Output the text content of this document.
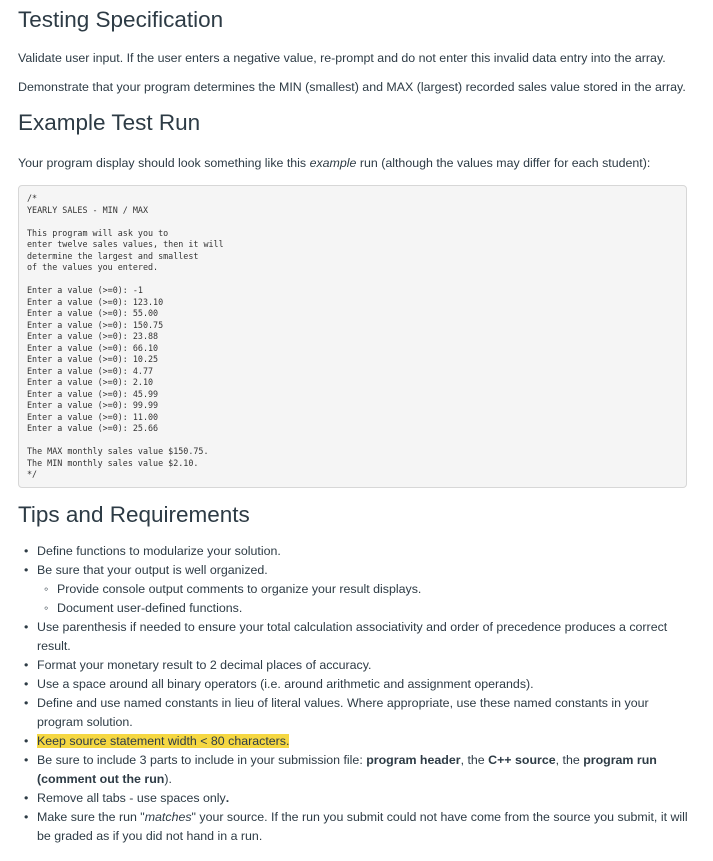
Testing Specification

Validate user input. If the user enters a negative value, re-prompt and do not enter this invalid data entry into the array.

Demonstrate that your program determines the MIN (smallest) and MAX (largest) recorded sales value stored in the array.

Example Test Run

Your program display should look something like this example run (although the values may differ for each student):

/*
YEARLY SALES - MIN / MAX
This program will ask you to
enter twelve sales values, then it will
determine the largest and smallest
of the values you entered.
Enter a value (>=0): -1
Enter a value (>=0): 123.10
Enter a value (>=0): 55.00
Enter a value (>=0): 150.75
Enter a value (>=0): 23.88
Enter a value (>=0): 66.10
Enter a value (>=0): 10.25
Enter a value (>=0): 4.77
Enter a value (>=0): 2.10
Enter a value (>=0): 45.99
Enter a value (>=0): 99.99
Enter a value (>=0): 11.00
Enter a value (>=0): 25.66
The MAX monthly sales value $150.75.
The MIN monthly sales value $2.10.
*/
Tips and Requirements
• Define functions to modularize your solution.
• Be sure that your output is well organized.
◦ Provide console output comments to organize your result displays.
◦ Document user-defined functions.
• Use parenthesis if needed to ensure your total calculation associativity and order of precedence produces a correct result.
• Format your monetary result to 2 decimal places of accuracy.
• Use a space around all binary operators (i.e. around arithmetic and assignment operands).
• Define and use named constants in lieu of literal values. Where appropriate, use these named constants in your program solution.
• Keep source statement width < 80 characters.
• Be sure to include 3 parts to include in your submission file: program header, the C++ source, the program run (comment out the run).
• Remove all tabs - use spaces only.
• Make sure the run "matches" your source. If the run you submit could not have come from the source you submit, it will be graded as if you did not hand in a run.
